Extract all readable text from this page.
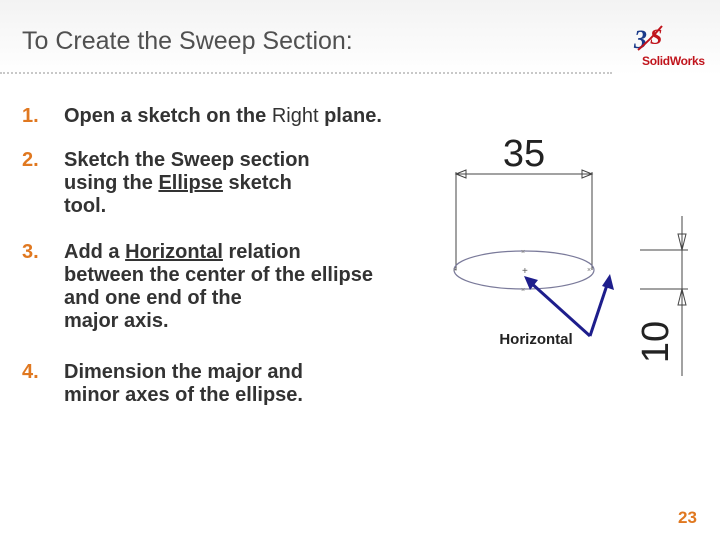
To Create the Sweep Section:	3 S
SolidWorks
1. Open a sketch on the Right plane.
2. Sketch the Sweep section
using the Ellipse sketch
tool.
3. Add a Horizontal relation
between the center of the ellipse
and one end of the
major axis.
4. Dimension the major and
minor axes of the ellipse.
35
+
×
×
×
×
10
Horizontal
23
